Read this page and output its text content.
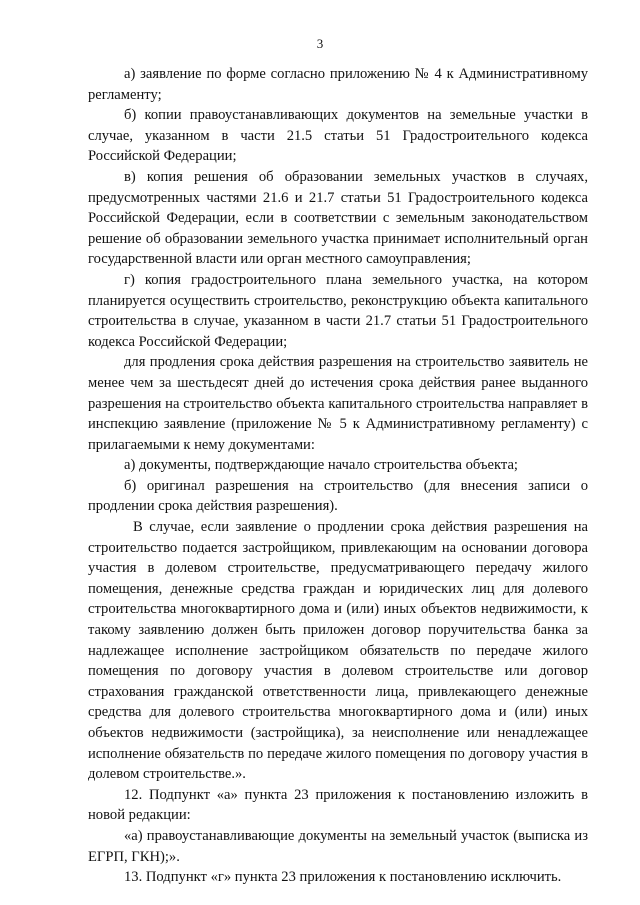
3

а) заявление по форме согласно приложению № 4 к Административному регламенту;

б) копии правоустанавливающих документов на земельные участки в случае, указанном в части 21.5 статьи 51 Градостроительного кодекса Российской Федерации;

в) копия решения об образовании земельных участков в случаях, предусмотренных частями 21.6 и 21.7 статьи 51 Градостроительного кодекса Российской Федерации, если в соответствии с земельным законодательством решение об образовании земельного участка принимает исполнительный орган государственной власти или орган местного самоуправления;

г) копия градостроительного плана земельного участка, на котором планируется осуществить строительство, реконструкцию объекта капитального строительства в случае, указанном в части 21.7 статьи 51 Градостроительного кодекса Российской Федерации;

для продления срока действия разрешения на строительство заявитель не менее чем за шестьдесят дней до истечения срока действия ранее выданного разрешения на строительство объекта капитального строительства направляет в инспекцию заявление (приложение № 5 к Административному регламенту) с прилагаемыми к нему документами:

а) документы, подтверждающие начало строительства объекта;

б) оригинал разрешения на строительство (для внесения записи о продлении срока действия разрешения).

В случае, если заявление о продлении срока действия разрешения на строительство подается застройщиком, привлекающим на основании договора участия в долевом строительстве, предусматривающего передачу жилого помещения, денежные средства граждан и юридических лиц для долевого строительства многоквартирного дома и (или) иных объектов недвижимости, к такому заявлению должен быть приложен договор поручительства банка за надлежащее исполнение застройщиком обязательств по передаче жилого помещения по договору участия в долевом строительстве или договор страхования гражданской ответственности лица, привлекающего денежные средства для долевого строительства многоквартирного дома и (или) иных объектов недвижимости (застройщика), за неисполнение или ненадлежащее исполнение обязательств по передаче жилого помещения по договору участия в долевом строительстве.».

12. Подпункт «а» пункта 23 приложения к постановлению изложить в новой редакции:

«а) правоустанавливающие документы на земельный участок (выписка из ЕГРП, ГКН);».

13. Подпункт «г» пункта 23 приложения к постановлению исключить.
